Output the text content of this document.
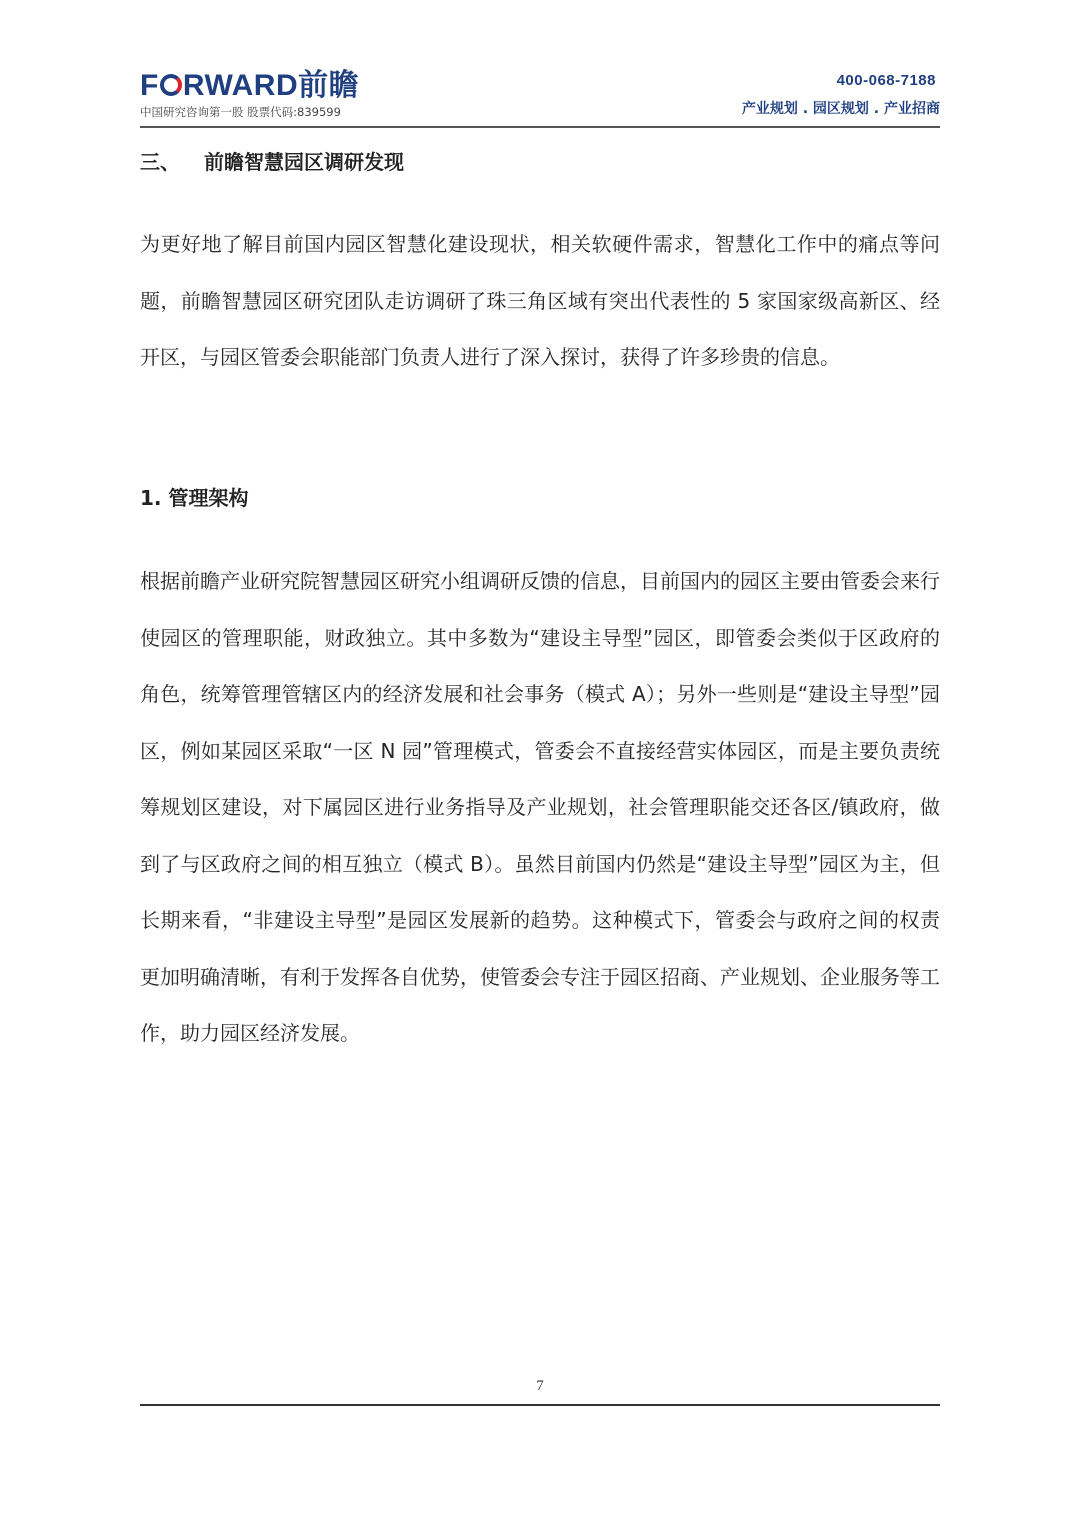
F RWARD前瞻
中国研究咨询第一股 股票代码:839599
400-068-7188
产业规划 . 园区规划 . 产业招商
三、 前瞻智慧园区调研发现

为更好地了解目前国内园区智慧化建设现状，相关软硬件需求，智慧化工作中的痛点等问题，前瞻智慧园区研究团队走访调研了珠三角区域有突出代表性的 5 家国家级高新区、经开区，与园区管委会职能部门负责人进行了深入探讨，获得了许多珍贵的信息。

1. 管理架构

根据前瞻产业研究院智慧园区研究小组调研反馈的信息，目前国内的园区主要由管委会来行使园区的管理职能，财政独立。其中多数为“建设主导型”园区，即管委会类似于区政府的角色，统筹管理管辖区内的经济发展和社会事务（模式 A）；另外一些则是“建设主导型”园区，例如某园区采取“一区 N 园”管理模式，管委会不直接经营实体园区，而是主要负责统筹规划区建设，对下属园区进行业务指导及产业规划，社会管理职能交还各区/镇政府，做到了与区政府之间的相互独立（模式 B）。虽然目前国内仍然是“建设主导型”园区为主，但长期来看，“非建设主导型”是园区发展新的趋势。这种模式下，管委会与政府之间的权责更加明确清晰，有利于发挥各自优势，使管委会专注于园区招商、产业规划、企业服务等工作，助力园区经济发展。

7
